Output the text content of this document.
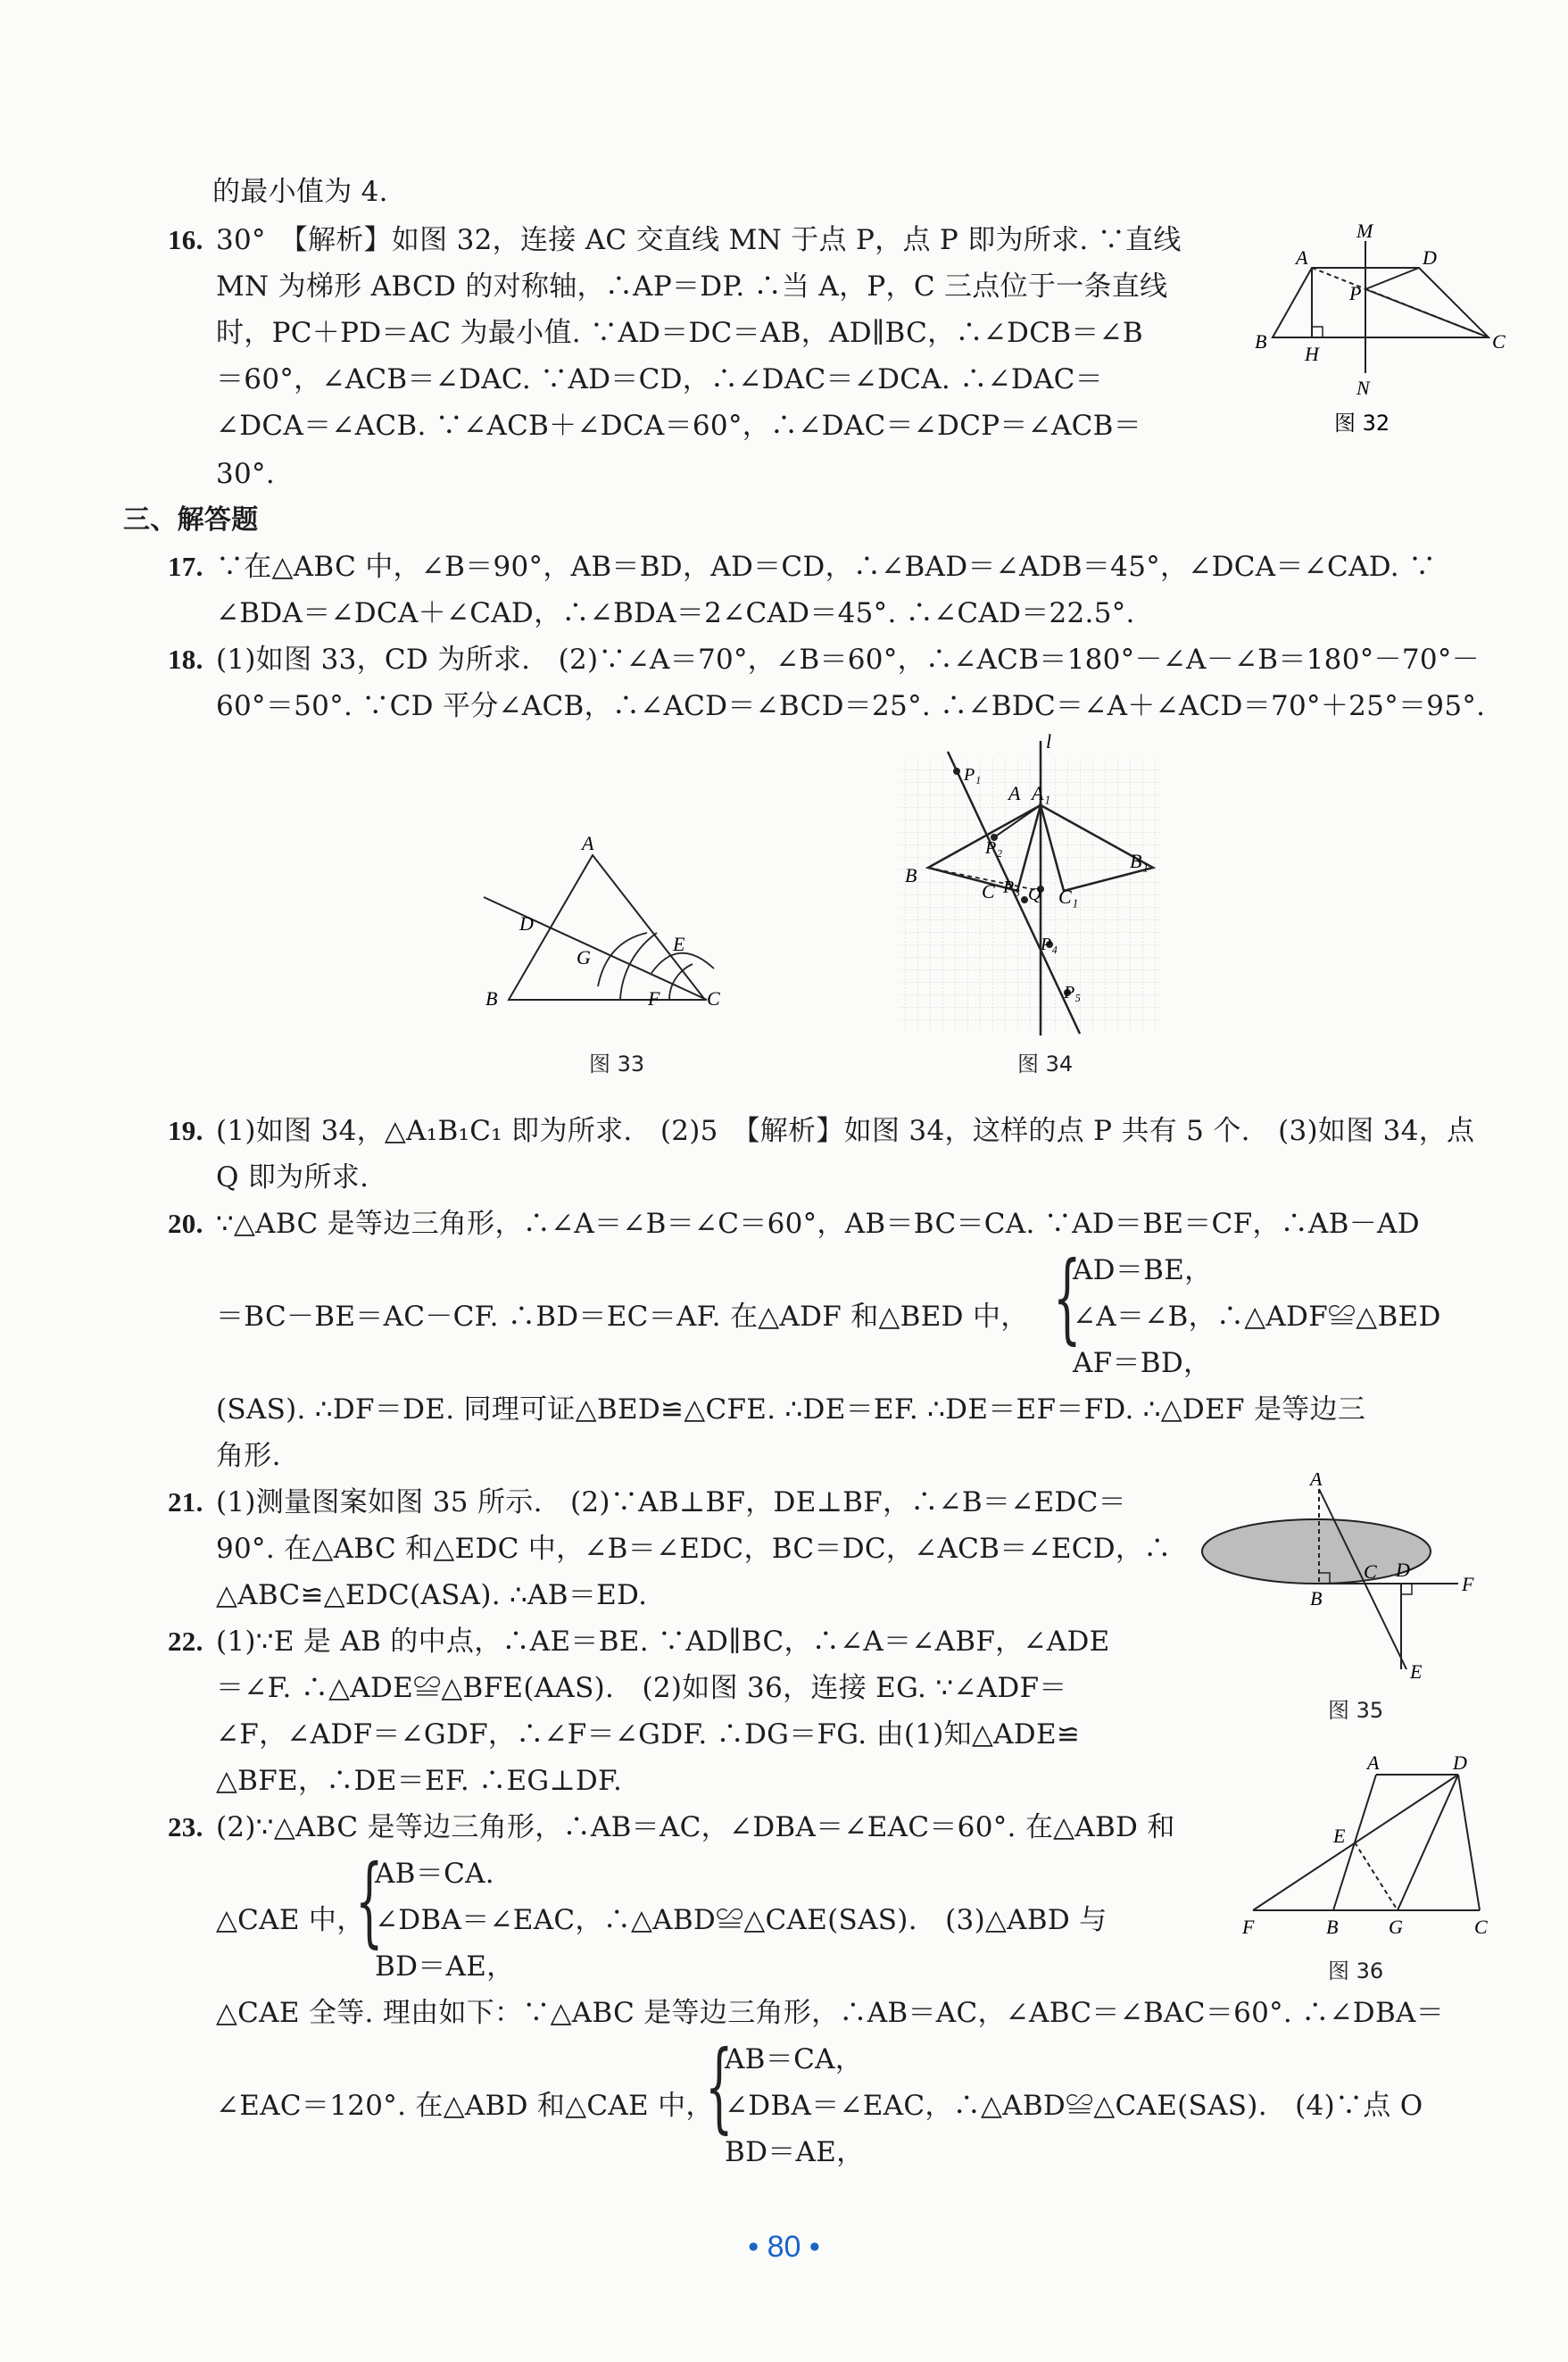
的最小值为 4.
16. 30°　【解析】如图 32，连接 AC 交直线 MN 于点 P，点 P 即为所求. ∵直线
MN 为梯形 ABCD 的对称轴，∴AP＝DP. ∴当 A，P，C 三点位于一条直线
时，PC＋PD＝AC 为最小值. ∵AD＝DC＝AB，AD∥BC，∴∠DCB＝∠B
＝60°，∠ACB＝∠DAC. ∵AD＝CD，∴∠DAC＝∠DCA. ∴∠DAC＝
∠DCA＝∠ACB. ∵∠ACB＋∠DCA＝60°，∴∠DAC＝∠DCP＝∠ACB＝
30°.
M
A	D
P
B
H
C
N
图 32
三、解答题
17. ∵在△ABC 中，∠B＝90°，AB＝BD，AD＝CD，∴∠BAD＝∠ADB＝45°，∠DCA＝∠CAD. ∵
∠BDA＝∠DCA＋∠CAD，∴∠BDA＝2∠CAD＝45°. ∴∠CAD＝22.5°.
18. (1)如图 33，CD 为所求.　(2)∵∠A＝70°，∠B＝60°，∴∠ACB＝180°－∠A－∠B＝180°－70°－
60°＝50°. ∵CD 平分∠ACB，∴∠ACD＝∠BCD＝25°. ∴∠BDC＝∠A＋∠ACD＝70°＋25°＝95°.
A
D
G
E
B	F C
图 33
l
P₁
A A₁
P₂
B
B₁
C P₃ Q C₁
P₄
P₅
图 34
19. (1)如图 34，△A₁B₁C₁ 即为所求.　(2)5　【解析】如图 34，这样的点 P 共有 5 个.　(3)如图 34，点
Q 即为所求.
20. ∵△ABC 是等边三角形，∴∠A＝∠B＝∠C＝60°，AB＝BC＝CA. ∵AD＝BE＝CF，∴AB－AD
AD＝BE，
＝BC－BE＝AC－CF. ∴BD＝EC＝AF. 在△ADF 和△BED 中， {
∠A＝∠B，∴△ADF≌△BED
AF＝BD，
(SAS). ∴DF＝DE. 同理可证△BED≌△CFE. ∴DE＝EF. ∴DE＝EF＝FD. ∴△DEF 是等边三
角形.
21. (1)测量图案如图 35 所示.　(2)∵AB⊥BF，DE⊥BF，∴∠B＝∠EDC＝
90°. 在△ABC 和△EDC 中，∠B＝∠EDC，BC＝DC，∠ACB＝∠ECD，∴
△ABC≌△EDC(ASA). ∴AB＝ED.
A
C D
F
B
E
图 35
22. (1)∵E 是 AB 的中点，∴AE＝BE. ∵AD∥BC，∴∠A＝∠ABF，∠ADE
＝∠F. ∴△ADE≌△BFE(AAS).　(2)如图 36，连接 EG. ∵∠ADF＝
∠F，∠ADF＝∠GDF，∴∠F＝∠GDF. ∴DG＝FG. 由(1)知△ADE≌
△BFE，∴DE＝EF. ∴EG⊥DF.
A	D
E
F	B	G	C
图 36
23. (2)∵△ABC 是等边三角形，∴AB＝AC，∠DBA＝∠EAC＝60°. 在△ABD 和
AB＝CA.
△CAE 中，
{
∠DBA＝∠EAC，∴△ABD≌△CAE(SAS).　(3)△ABD 与
BD＝AE，
△CAE 全等. 理由如下：∵△ABC 是等边三角形，∴AB＝AC，∠ABC＝∠BAC＝60°. ∴∠DBA＝
AB＝CA，
∠EAC＝120°. 在△ABD 和△CAE 中，
{
∠DBA＝∠EAC，∴△ABD≌△CAE(SAS).　(4)∵点 O
BD＝AE，
• 80 •
